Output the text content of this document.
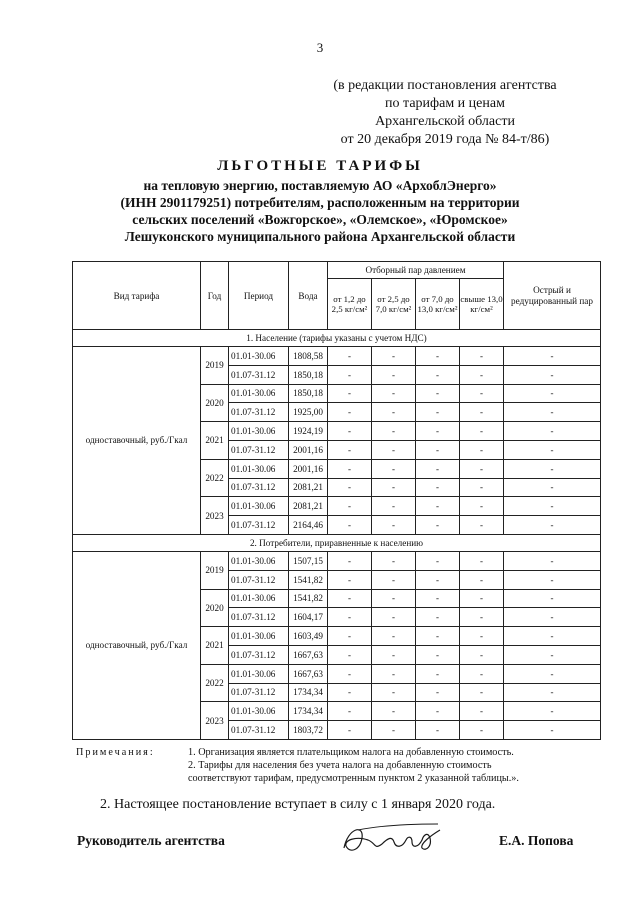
3
(в редакции постановления агентства
по тарифам и ценам
Архангельской области
от 20 декабря 2019 года № 84-т/86)
ЛЬГОТНЫЕ ТАРИФЫ
на тепловую энергию, поставляемую АО «АрхоблЭнерго»
(ИНН 2901179251) потребителям, расположенным на территории
сельских поселений «Вожгорское», «Олемское», «Юромское»
Лешуконского муниципального района Архангельской области
Вид тарифа	Год	Период	Вода	Отборный пар давлением				Острый и редуцированный пар
				от 1,2 до 2,5 кг/см²	от 2,5 до 7,0 кг/см²	от 7,0 до 13,0 кг/см²	свыше 13,0 кг/см²	
1. Население (тарифы указаны с учетом НДС)								
одноставочный, руб./Гкал	2019	01.01-30.06	1808,58	-	-	-	-	-
		01.07-31.12	1850,18	-	-	-	-	-
	2020	01.01-30.06	1850,18	-	-	-	-	-
		01.07-31.12	1925,00	-	-	-	-	-
	2021	01.01-30.06	1924,19	-	-	-	-	-
		01.07-31.12	2001,16	-	-	-	-	-
	2022	01.01-30.06	2001,16	-	-	-	-	-
		01.07-31.12	2081,21	-	-	-	-	-
	2023	01.01-30.06	2081,21	-	-	-	-	-
		01.07-31.12	2164,46	-	-	-	-	-
2. Потребители, приравненные к населению								
одноставочный, руб./Гкал	2019	01.01-30.06	1507,15	-	-	-	-	-
		01.07-31.12	1541,82	-	-	-	-	-
	2020	01.01-30.06	1541,82	-	-	-	-	-
		01.07-31.12	1604,17	-	-	-	-	-
	2021	01.01-30.06	1603,49	-	-	-	-	-
		01.07-31.12	1667,63	-	-	-	-	-
	2022	01.01-30.06	1667,63	-	-	-	-	-
		01.07-31.12	1734,34	-	-	-	-	-
	2023	01.01-30.06	1734,34	-	-	-	-	-
		01.07-31.12	1803,72	-	-	-	-	-
Примечания:	1. Организация является плательщиком налога на добавленную стоимость.
2. Тарифы для населения без учета налога на добавленную стоимость
соответствуют тарифам, предусмотренным пунктом 2 указанной таблицы.».
2. Настоящее постановление вступает в силу с 1 января 2020 года.
Руководитель агентства	Е.А. Попова
